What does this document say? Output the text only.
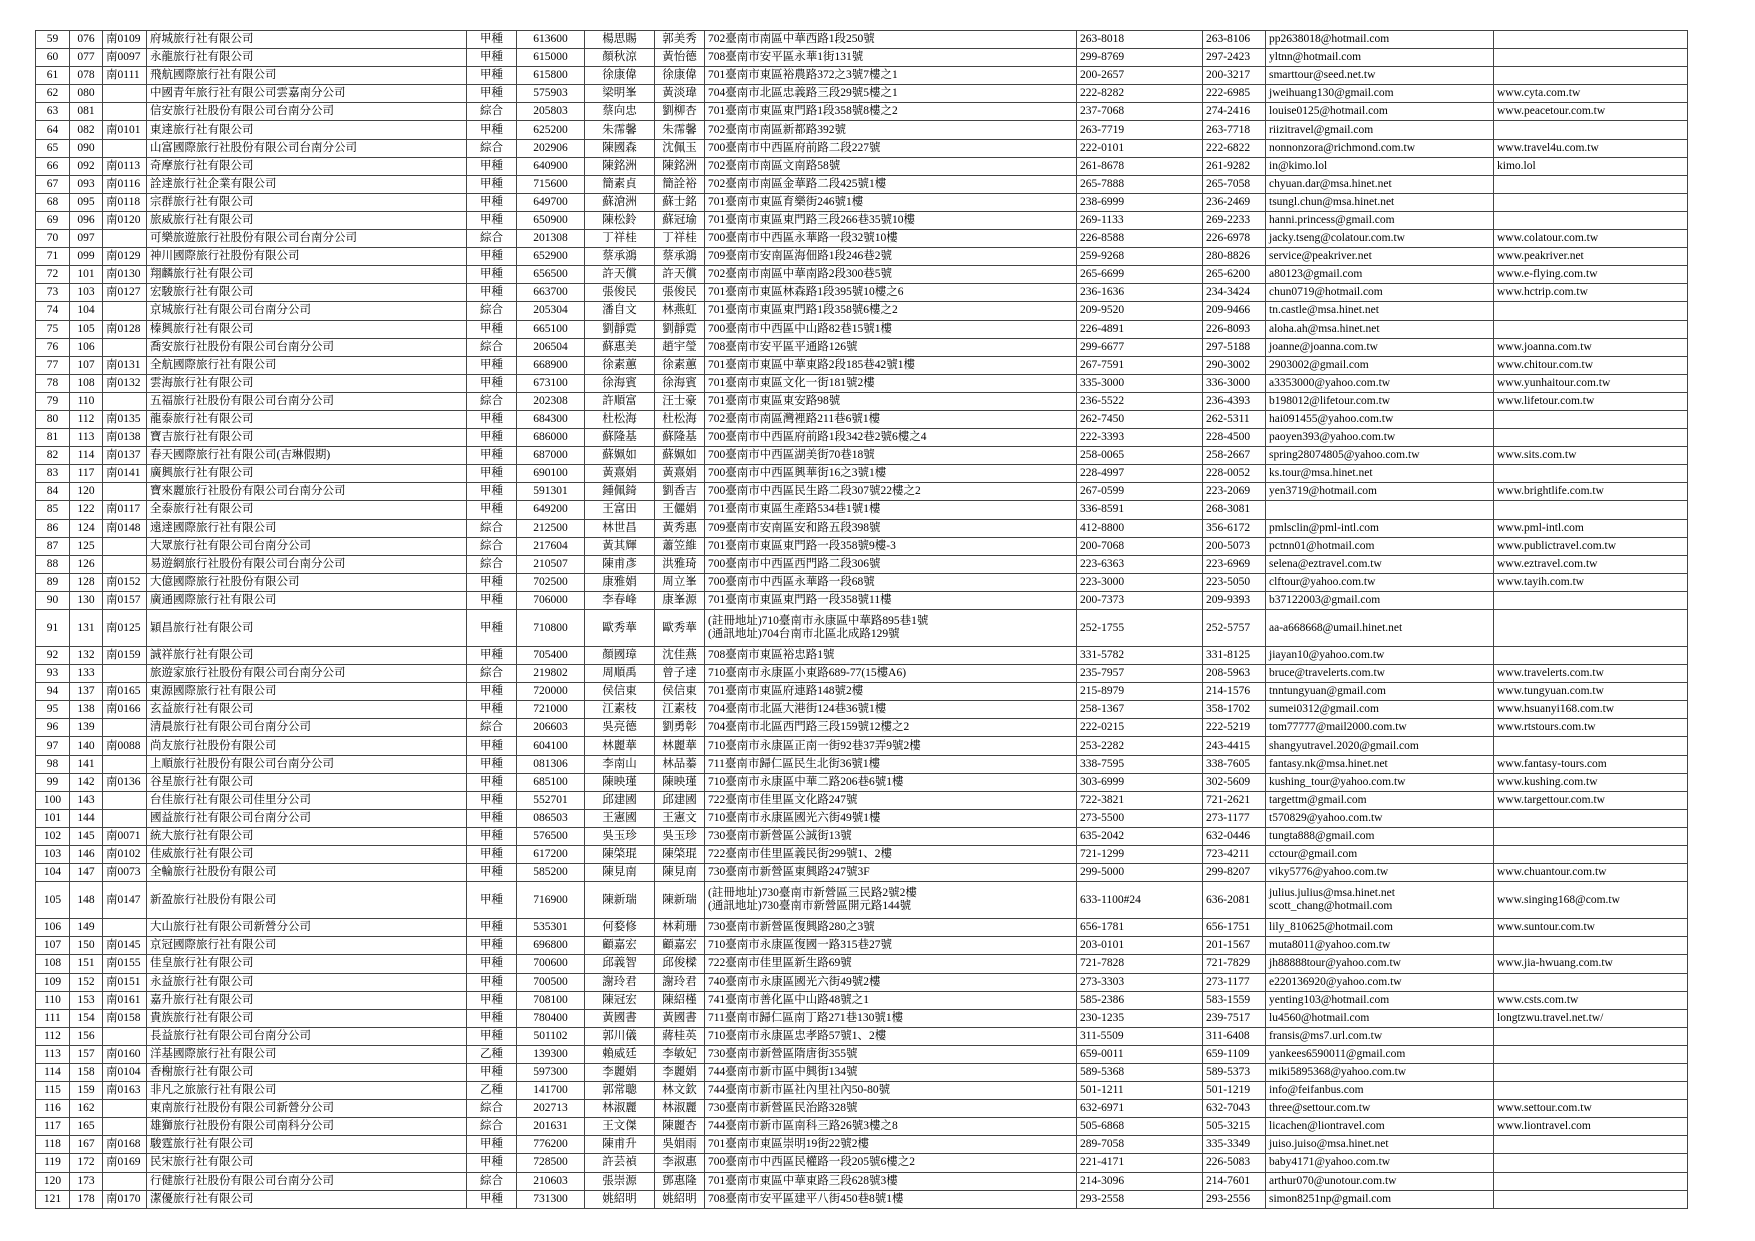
59	076	南0109	府城旅行社有限公司	甲種	613600	楊思賜	郭美秀	702臺南市南區中華西路1段250號	263-8018	263-8106	pp2638018@hotmail.com	
60	077	南0097	永龍旅行社有限公司	甲種	615000	顏秋涼	黃怡德	708臺南市安平區永華1街131號	299-8769	297-2423	yltnn@hotmail.com	
61	078	南0111	飛航國際旅行社有限公司	甲種	615800	徐康偉	徐康偉	701臺南市東區裕農路372之3號7樓之1	200-2657	200-3217	smarttour@seed.net.tw	
62	080		中國青年旅行社有限公司雲嘉南分公司	甲種	575903	梁明峯	黃淡瑋	704臺南市北區忠義路三段29號5樓之1	222-8282	222-6985	jweihuang130@gmail.com	www.cyta.com.tw
63	081		信安旅行社股份有限公司台南分公司	綜合	205803	蔡向忠	劉柳杏	701臺南市東區東門路1段358號8樓之2	237-7068	274-2416	louise0125@hotmail.com	www.peacetour.com.tw
64	082	南0101	東達旅行社有限公司	甲種	625200	朱霈馨	朱霈馨	702臺南市南區新都路392號	263-7719	263-7718	riizitravel@gmail.com	
65	090		山富國際旅行社股份有限公司台南分公司	綜合	202906	陳國森	沈佩玉	700臺南市中西區府前路二段227號	222-0101	222-6822	nonnonzora@richmond.com.tw	www.travel4u.com.tw
66	092	南0113	奇摩旅行社有限公司	甲種	640900	陳銘洲	陳銘洲	702臺南市南區文南路58號	261-8678	261-9282	in@kimo.lol	kimo.lol
67	093	南0116	詮達旅行社企業有限公司	甲種	715600	簡素貞	簡詮裕	702臺南市南區金華路二段425號1樓	265-7888	265-7058	chyuan.dar@msa.hinet.net	
68	095	南0118	宗群旅行社有限公司	甲種	649700	蘇滄洲	蘇士銘	701臺南市東區育樂街246號1樓	238-6999	236-2469	tsungl.chun@msa.hinet.net	
69	096	南0120	旅威旅行社有限公司	甲種	650900	陳松鈴	蘇冠瑜	701臺南市東區東門路三段266巷35號10樓	269-1133	269-2233	hanni.princess@gmail.com	
70	097		可樂旅遊旅行社股份有限公司台南分公司	綜合	201308	丁祥桂	丁祥桂	700臺南市中西區永華路一段32號10樓	226-8588	226-6978	jacky.tseng@colatour.com.tw	www.colatour.com.tw
71	099	南0129	神川國際旅行社股份有限公司	甲種	652900	蔡承鴻	蔡承鴻	709臺南市安南區海佃路1段246巷2號	259-9268	280-8826	service@peakriver.net	www.peakriver.net
72	101	南0130	翔麟旅行社有限公司	甲種	656500	許天償	許天償	702臺南市南區中華南路2段300巷5號	265-6699	265-6200	a80123@gmail.com	www.e-flying.com.tw
73	103	南0127	宏駿旅行社有限公司	甲種	663700	張俊民	張俊民	701臺南市東區林森路1段395號10樓之6	236-1636	234-3424	chun0719@hotmail.com	www.hctrip.com.tw
74	104		京城旅行社有限公司台南分公司	綜合	205304	潘自文	林燕虹	701臺南市東區東門路1段358號6樓之2	209-9520	209-9466	tn.castle@msa.hinet.net	
75	105	南0128	榛興旅行社有限公司	甲種	665100	劉靜霓	劉靜霓	700臺南市中西區中山路82巷15號1樓	226-4891	226-8093	aloha.ah@msa.hinet.net	
76	106		喬安旅行社股份有限公司台南分公司	綜合	206504	蘇惠美	趙宇瑩	708臺南市安平區平通路126號	299-6677	297-5188	joanne@joanna.com.tw	www.joanna.com.tw
77	107	南0131	全航國際旅行社有限公司	甲種	668900	徐素蕙	徐素蕙	701臺南市東區中華東路2段185巷42號1樓	267-7591	290-3002	2903002@gmail.com	www.chitour.com.tw
78	108	南0132	雲海旅行社有限公司	甲種	673100	徐海賓	徐海賓	701臺南市東區文化一街181號2樓	335-3000	336-3000	a3353000@yahoo.com.tw	www.yunhaitour.com.tw
79	110		五福旅行社股份有限公司台南分公司	綜合	202308	許順富	汪士豪	701臺南市東區東安路98號	236-5522	236-4393	b198012@lifetour.com.tw	www.lifetour.com.tw
80	112	南0135	龍泰旅行社有限公司	甲種	684300	杜松海	杜松海	702臺南市南區灣裡路211巷6號1樓	262-7450	262-5311	hai091455@yahoo.com.tw	
81	113	南0138	寶吉旅行社有限公司	甲種	686000	蘇隆基	蘇隆基	700臺南市中西區府前路1段342巷2號6樓之4	222-3393	228-4500	paoyen393@yahoo.com.tw	
82	114	南0137	春天國際旅行社有限公司(吉琳假期)	甲種	687000	蘇姵如	蘇姵如	700臺南市中西區湖美街70巷18號	258-0065	258-2667	spring28074805@yahoo.com.tw	www.sits.com.tw
83	117	南0141	廣興旅行社有限公司	甲種	690100	黃熹娟	黃熹娟	700臺南市中西區興華街16之3號1樓	228-4997	228-0052	ks.tour@msa.hinet.net	
84	120		寶來麗旅行社股份有限公司台南分公司	甲種	591301	鍾佩錡	劉香吉	700臺南市中西區民生路二段307號22樓之2	267-0599	223-2069	yen3719@hotmail.com	www.brightlife.com.tw
85	122	南0117	全泰旅行社有限公司	甲種	649200	王富田	王儷娟	701臺南市東區生產路534巷1號1樓	336-8591	268-3081		
86	124	南0148	遠達國際旅行社有限公司	綜合	212500	林世昌	黃秀惠	709臺南市安南區安和路五段398號	412-8800	356-6172	pmlsclin@pml-intl.com	www.pml-intl.com
87	125		大眾旅行社有限公司台南分公司	綜合	217604	黃其輝	蕭笠維	701臺南市東區東門路一段358號9樓-3	200-7068	200-5073	pctnn01@hotmail.com	www.publictravel.com.tw
88	126		易遊網旅行社股份有限公司台南分公司	綜合	210507	陳甫彥	洪雅琦	700臺南市中西區西門路二段306號	223-6363	223-6969	selena@eztravel.com.tw	www.eztravel.com.tw
89	128	南0152	大億國際旅行社股份有限公司	甲種	702500	康雅娟	周立峯	700臺南市中西區永華路一段68號	223-3000	223-5050	clftour@yahoo.com.tw	www.tayih.com.tw
90	130	南0157	廣通國際旅行社有限公司	甲種	706000	李春峰	康峯源	701臺南市東區東門路一段358號11樓	200-7373	209-9393	b37122003@gmail.com	
91	131	南0125	穎昌旅行社有限公司	甲種	710800	歐秀華	歐秀華	(註冊地址)710臺南市永康區中華路895巷1號
(通訊地址)704台南市北區北成路129號	252-1755	252-5757	aa-a668668@umail.hinet.net	
92	132	南0159	誠祥旅行社有限公司	甲種	705400	顏國璋	沈佳燕	708臺南市東區裕忠路1號	331-5782	331-8125	jiayan10@yahoo.com.tw	
93	133		旅遊家旅行社股份有限公司台南分公司	綜合	219802	周順禹	曾子達	710臺南市永康區小東路689-77(15樓A6)	235-7957	208-5963	bruce@travelerts.com.tw	www.travelerts.com.tw
94	137	南0165	東源國際旅行社有限公司	甲種	720000	侯信東	侯信東	701臺南市東區府連路148號2樓	215-8979	214-1576	tnntungyuan@gmail.com	www.tungyuan.com.tw
95	138	南0166	玄益旅行社有限公司	甲種	721000	江素枝	江素枝	704臺南市北區大港街124巷36號1樓	258-1367	358-1702	sumei0312@gmail.com	www.hsuanyi168.com.tw
96	139		清晨旅行社有限公司台南分公司	綜合	206603	吳亮德	劉勇彰	704臺南市北區西門路三段159號12樓之2	222-0215	222-5219	tom77777@mail2000.com.tw	www.rtstours.com.tw
97	140	南0088	尚友旅行社股份有限公司	甲種	604100	林麗華	林麗華	710臺南市永康區正南一街92巷37弄9號2樓	253-2282	243-4415	shangyutravel.2020@gmail.com	
98	141		上順旅行社股份有限公司台南分公司	甲種	081306	李南山	林品蓁	711臺南市歸仁區民生北街36號1樓	338-7595	338-7605	fantasy.nk@msa.hinet.net	www.fantasy-tours.com
99	142	南0136	谷星旅行社有限公司	甲種	685100	陳映瑾	陳映瑾	710臺南市永康區中華二路206巷6號1樓	303-6999	302-5609	kushing_tour@yahoo.com.tw	www.kushing.com.tw
100	143		台佳旅行社有限公司佳里分公司	甲種	552701	邱建國	邱建國	722臺南市佳里區文化路247號	722-3821	721-2621	targettm@gmail.com	www.targettour.com.tw
101	144		國益旅行社有限公司台南分公司	甲種	086503	王憲國	王憲文	710臺南市永康區國光六街49號1樓	273-5500	273-1177	t570829@yahoo.com.tw	
102	145	南0071	統大旅行社有限公司	甲種	576500	吳玉珍	吳玉珍	730臺南市新營區公誠街13號	635-2042	632-0446	tungta888@gmail.com	
103	146	南0102	佳威旅行社有限公司	甲種	617200	陳棨琨	陳棨琨	722臺南市佳里區義民街299號1、2樓	721-1299	723-4211	cctour@gmail.com	
104	147	南0073	全輪旅行社股份有限公司	甲種	585200	陳見南	陳見南	730臺南市新營區東興路247號3F	299-5000	299-8207	viky5776@yahoo.com.tw	www.chuantour.com.tw
105	148	南0147	新盈旅行社股份有限公司	甲種	716900	陳新瑞	陳新瑞	(註冊地址)730臺南市新營區三民路2號2樓
(通訊地址)730臺南市新營區開元路144號	633-1100#24	636-2081	julius.julius@msa.hinet.net
scott_chang@hotmail.com	www.singing168@com.tw
106	149		大山旅行社有限公司新營分公司	甲種	535301	何婺修	林莉珊	730臺南市新營區復興路280之3號	656-1781	656-1751	lily_810625@hotmail.com	www.suntour.com.tw
107	150	南0145	京冠國際旅行社有限公司	甲種	696800	顧嘉宏	顧嘉宏	710臺南市永康區復國一路315巷27號	203-0101	201-1567	muta8011@yahoo.com.tw	
108	151	南0155	佳皇旅行社有限公司	甲種	700600	邱義智	邱俊樑	722臺南市佳里區新生路69號	721-7828	721-7829	jh88888tour@yahoo.com.tw	www.jia-hwuang.com.tw
109	152	南0151	永益旅行社有限公司	甲種	700500	謝玲君	謝玲君	740臺南市永康區國光六街49號2樓	273-3303	273-1177	e220136920@yahoo.com.tw	
110	153	南0161	嘉升旅行社有限公司	甲種	708100	陳冠宏	陳紹槿	741臺南市善化區中山路48號之1	585-2386	583-1559	yenting103@hotmail.com	www.csts.com.tw
111	154	南0158	貴族旅行社有限公司	甲種	780400	黃國書	黃國書	711臺南市歸仁區南丁路271巷130號1樓	230-1235	239-7517	lu4560@hotmail.com	longtzwu.travel.net.tw/
112	156		長益旅行社有限公司台南分公司	甲種	501102	郭川儀	蔣桂英	710臺南市永康區忠孝路57號1、2樓	311-5509	311-6408	fransis@ms7.url.com.tw	
113	157	南0160	洋基國際旅行社有限公司	乙種	139300	賴威廷	李敏妃	730臺南市新營區隋唐街355號	659-0011	659-1109	yankees6590011@gmail.com	
114	158	南0104	香榭旅行社有限公司	甲種	597300	李麗娟	李麗娟	744臺南市新市區中興街134號	589-5368	589-5373	miki5895368@yahoo.com.tw	
115	159	南0163	非凡之旅旅行社有限公司	乙種	141700	郭常聰	林文欽	744臺南市新市區社內里社內50-80號	501-1211	501-1219	info@feifanbus.com	
116	162		東南旅行社股份有限公司新營分公司	綜合	202713	林淑麗	林淑麗	730臺南市新營區民治路328號	632-6971	632-7043	three@settour.com.tw	www.settour.com.tw
117	165		雄獅旅行社股份有限公司南科分公司	綜合	201631	王文傑	陳麗杏	744臺南市新市區南科三路26號3樓之8	505-6868	505-3215	licachen@liontravel.com	www.liontravel.com
118	167	南0168	駿霆旅行社有限公司	甲種	776200	陳甫升	吳娟雨	701臺南市東區崇明19街22號2樓	289-7058	335-3349	juiso.juiso@msa.hinet.net	
119	172	南0169	民宋旅行社有限公司	甲種	728500	許芸禎	李淑惠	700臺南市中西區民權路一段205號6樓之2	221-4171	226-5083	baby4171@yahoo.com.tw	
120	173		行健旅行社股份有限公司台南分公司	綜合	210603	張崇源	鄧惠隆	701臺南市東區中華東路三段628號3樓	214-3096	214-7601	arthur070@unotour.com.tw	
121	178	南0170	潔優旅行社有限公司	甲種	731300	姚紹明	姚紹明	708臺南市安平區建平八街450巷8號1樓	293-2558	293-2556	simon8251np@gmail.com	
